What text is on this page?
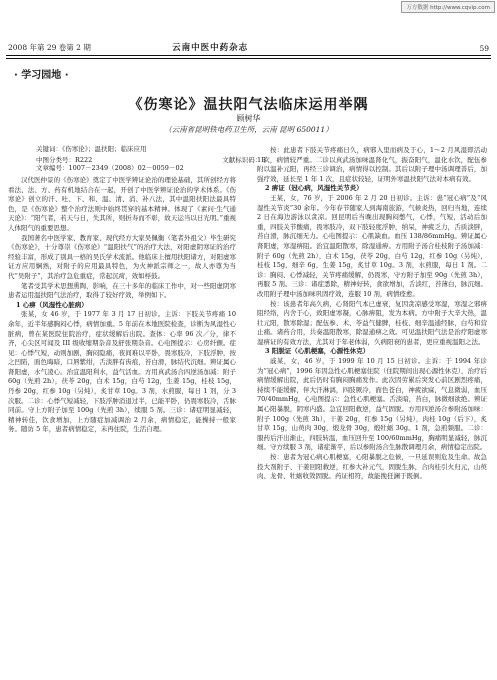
万方数据 http://www.cqvip.com
2008 年第 29 卷第 2 期	云南中医中药杂志	59
· 学习园地 ·
《伤寒论》温扶阳气法临床运用举隅
顾树华
（云南省昆明铁电药卫生所，云南 昆明 650011）
关键词：《伤寒论》；温扶阳；临床应用
中图分类号：R222	文献标识码：B
文章编号：1007－2349（2008）02－0059－02

汉代医仲景的《伤寒论》奠定了中医学辨证论治的理论基础，其所创经方将看法、法、方、药有机地结合在一起，开创了中医学辨证论治的学术体系。《伤寒论》创立的汗、吐、下、和、温、清、消、补八法，其中温阳扶阳法最具特色，是《伤寒论》整个治疗法则中始终贯穿的基本精神。体现了《素问·生气通天论》：“阳气者，若天与日，失其所，则折寿而不彰，故天运当以日光明。”重视人体阳气的重要思想。

我国著名中医学家、教育家、现代经方大家吴佩衡（笔者外祖父）毕生研究《伤寒论》，十分尊崇《伤寒论》“温阳扶气”的治疗大法，对阳虚阴寒证的治疗经验丰富，形成了别具一格的吴氏学术流派。他临床上擅用扶阳诸方，对阳虚寒证方应用娴熟，对附子的应用最具特色，为火神派宗师之一，故人亦尊为当代“吴附子”，其治疗急危重症，常起沉疴，效如桴鼓。

笔者受其学术思想熏陶，影响，在三十多年的临床工作中，对一些阳虚阴寒患者运用温扶阳气法治疗，取得了较好疗效，举例如下。

1 心痹（风湿性心脏病）

张某，女 46 岁，于 1977 年 3 月 17 日初诊。主诉：下肢关节疼痛 10 余年，近半年感胸闷心悸，病情加重。5 年前在本地医院检查，诊断为风湿性心脏病，曾在某医院住院治疗，症状缓解后出院。查体：心率 96 次／分，律不齐，心尖区可闻及 III 级收缩期杂音及舒张期杂音。心电图提示：心房纤颤。症见：心悸气短，动则加剧，胸闷隐痛，夜间难以平卧，畏寒肢冷，下肢浮肿，按之凹陷，面色晦暗，口唇紫绀，舌淡胖有齿痕，苔白滑，脉结代沉细。辨证属心肾阳虚，水气凌心。治宜温阳利水，益气活血。方用真武汤合四逆汤加减：附子 60g（先煎 2h），茯苓 20g，白术 15g，白芍 12g，生姜 15g，桂枝 15g，丹参 20g，红参 10g（另炖），炙甘草 10g。3 剂，水煎服，每日 1 剂，分 3 次服。二诊：心悸气短减轻，下肢浮肿消退过半，已能平卧，仍畏寒肢冷，舌脉同前。守上方附子加至 100g（先煎 3h），续服 5 剂。三诊：诸症明显减轻，精神转佳，饮食增加，上方随症加减调治 2 月余，病情稳定，能操持一般家务。随访 5 年，患者病情稳定，未再住院，生活自理。

按：此患者下肢关节疼痛日久，病邪入里而病及于心，1～2 月风湿即活动 1 次，病情较严重。二诊以真武汤加味温肾化气，振奋阳气，温化水饮，配伍参附以温补元阳，再经三诊调治，病情得以控制。其后以附子理中汤调理善后，加强疗效，延长至 1 年 1 次，且症状较轻，证明外寒温扶阳气法对本病有效。

2 痹证（冠心病，风湿性关节炎）

王某，女，76 岁，于 2006 年 2 月 20 日初诊。主诉：患“冠心病”及“风湿性关节炎”30 余年。今年春节随家人到海南旅游，气候炎热，回归当地，连续 2 日在海边游泳以贪凉。回昆明后当晚出现胸闷憋气，心悸，气短，活动后加重，四肢关节酸痛，畏寒肢冷，双下肢轻度浮肿，纳呆，神疲乏力，舌质淡胖，苔白滑，脉沉细无力。心电图提示：心肌缺血。血压 138/86mmHg。辨证属心肾阳虚，寒湿痹阻。治宜温阳散寒，除湿通痹。方用附子汤合桂枝附子汤加减：附子 60g（先煎 2h），白术 15g，茯苓 20g，白芍 12g，红参 10g（另炖），桂枝 15g，细辛 6g，生姜 15g，炙甘草 10g。3 剂，水煎服，每日 1 剂。二诊：胸闷、心悸减轻，关节疼痛缓解，仍畏寒，守方附子加至 90g（先煎 3h），再服 5 剂。三诊：诸症悉除，精神好转，食欲增加，舌淡红，苔薄白，脉沉细。改用附子理中汤加味巩固疗效，连服 10 剂，病情痊愈。

按：该患者年高久病，心肾阳气本已虚衰，复因贪凉感受寒湿，寒湿之邪痹阻经络，内舍于心，致阳虚寒凝，心脉痹阻，发为本病。方中附子大辛大热，温壮元阳，散寒除湿；配伍参、术、苓益气健脾，桂枝、细辛温通经脉，白芍和营止痛。诸药合用，共奏温阳散寒，除湿通痹之效。可见温扶阳气法是治疗阳虚寒湿痹证的有效方法，尤其对于年老体弱，久病阳衰的患者，更应重视温阳之法。

3 阳脱证（心肌梗塞，心源性休克）

戚某，女，46 岁，于 1999 年 10 月 15 日初诊。主诉：于 1994 年诊为“冠心病”，1996 年因急性心肌梗塞住院（住院期间出现心源性休克），治疗后病情缓解出院，此后仍时有胸闷胸痛发作。此次因劳累后突发心前区剧烈疼痛，持续不能缓解，伴大汗淋漓，四肢厥冷，面色苍白，神疲欲寐，气息微弱，血压 70/40mmHg，心电图提示：急性心肌梗塞。舌淡暗，苔白，脉微细欲绝。辨证属心阳暴脱，阴寒内盛。急宜回阳救逆，益气固脱。方用四逆汤合参附汤加味：附子 100g（先煎 3h），干姜 20g，红参 15g（另炖），肉桂 10g（后下），炙甘草 15g，山萸肉 30g，煅龙骨 30g，煅牡蛎 30g。1 剂，急煎频服。二诊：服药后汗出渐止，四肢转温，血压回升至 100/60mmHg，胸痛明显减轻，脉沉细。守方续服 3 剂，诸症渐平，后以参附汤合生脉散调理月余，病情稳定出院。

按：患者为冠心病心肌梗塞，心阳暴脱之危候，一旦延误则危及生命。故急投大剂附子、干姜回阳救逆，红参大补元气，固脱生脉，合肉桂引火归元，山萸肉、龙骨、牡蛎收敛固脱。药证相符，故能挽狂澜于既倒。
